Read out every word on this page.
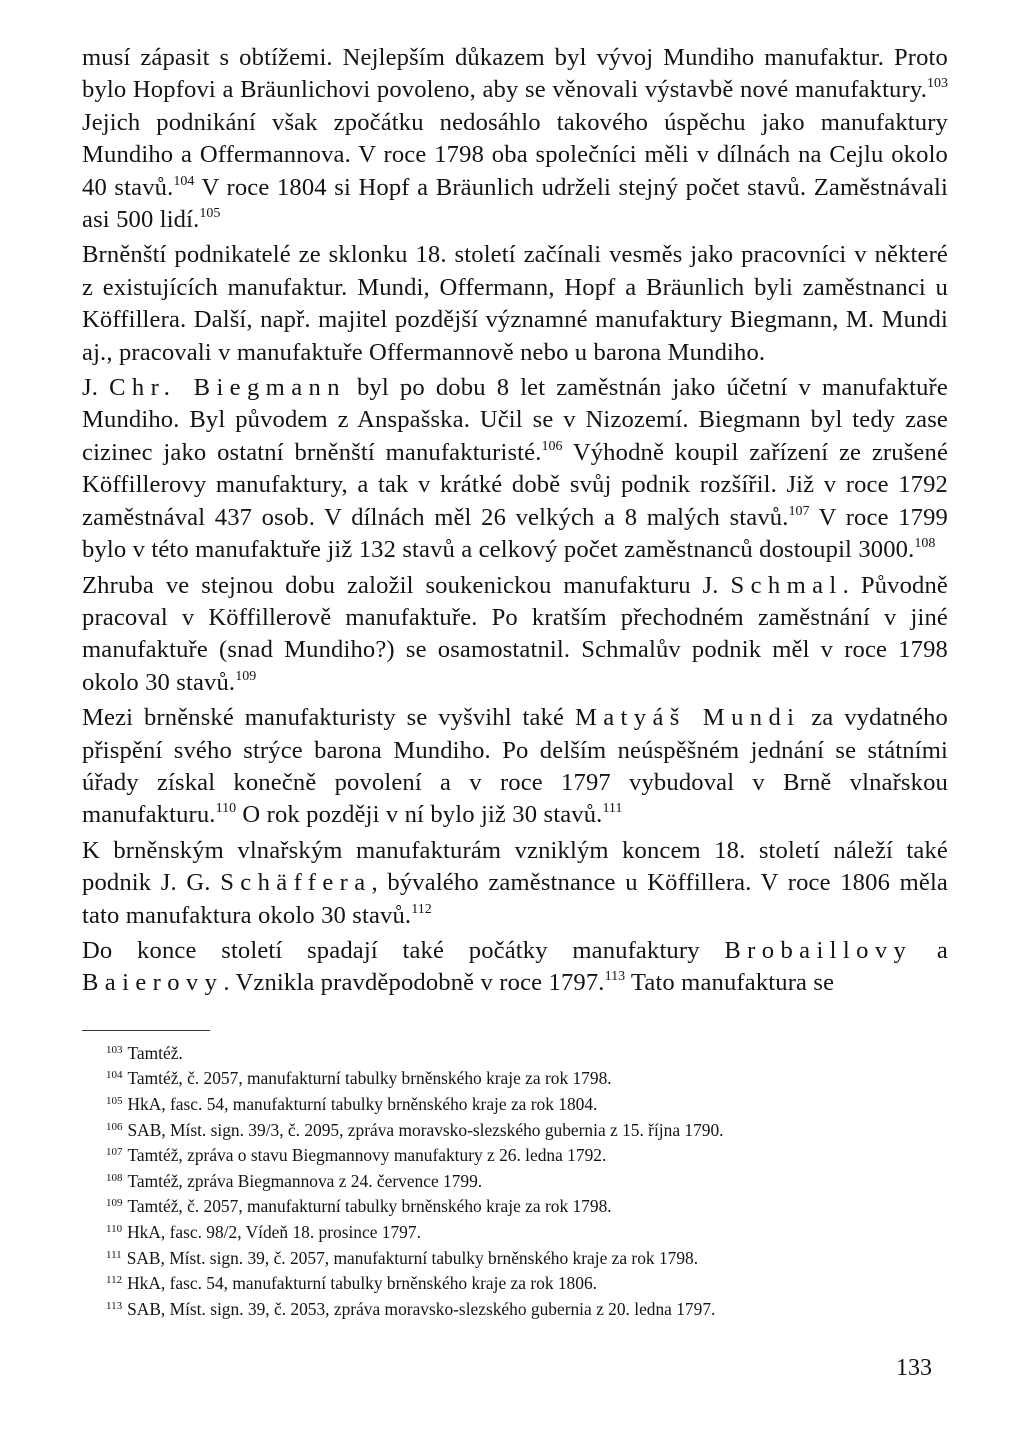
musí zápasit s obtížemi. Nejlepším důkazem byl vývoj Mundiho manufaktur. Proto bylo Hopfovi a Bräunlichovi povoleno, aby se věnovali výstavbě nové manufaktury.$^{103}$ Jejich podnikání však zpočátku nedosáhlo takového úspěchu jako manufaktury Mundiho a Offermannova. V roce 1798 oba společníci měli v dílnách na Cejlu okolo 40 stavů.$^{104}$ V roce 1804 si Hopf a Bräunlich udrželi stejný počet stavů. Zaměstnávali asi 500 lidí.$^{105}$

Brněnští podnikatelé ze sklonku 18. století začínali vesměs jako pracovníci v některé z existujících manufaktur. Mundi, Offermann, Hopf a Bräunlich byli zaměstnanci u Köffillera. Další, např. majitel pozdější významné manufaktury Biegmann, M. Mundi aj., pracovali v manufaktuře Offermannově nebo u barona Mundiho.

J. Chr. Biegmann byl po dobu 8 let zaměstnán jako účetní v manufaktuře Mundiho. Byl původem z Anspašska. Učil se v Nizozemí. Biegmann byl tedy zase cizinec jako ostatní brněnští manufakturisté.$^{106}$ Výhodně koupil zařízení ze zrušené Köffillerovy manufaktury, a tak v krátké době svůj podnik rozšířil. Již v roce 1792 zaměstnával 437 osob. V dílnách měl 26 velkých a 8 malých stavů.$^{107}$ V roce 1799 bylo v této manufaktuře již 132 stavů a celkový počet zaměstnanců dostoupil 3000.$^{108}$

Zhruba ve stejnou dobu založil soukenickou manufakturu J. Schmal. Původně pracoval v Köffillerově manufaktuře. Po kratším přechodném zaměstnání v jiné manufaktuře (snad Mundiho?) se osamostatnil. Schmalův podnik měl v roce 1798 okolo 30 stavů.$^{109}$

Mezi brněnské manufakturisty se vyšvihl také Matyáš Mundi za vydatného přispění svého strýce barona Mundiho. Po delším neúspěšném jednání se státními úřady získal konečně povolení a v roce 1797 vybudoval v Brně vlnařskou manufakturu.$^{110}$ O rok později v ní bylo již 30 stavů.$^{111}$

K brněnským vlnařským manufakturám vzniklým koncem 18. století náleží také podnik J. G. Schäffera, bývalého zaměstnance u Köffillera. V roce 1806 měla tato manufaktura okolo 30 stavů.$^{112}$

Do konce století spadají také počátky manufaktury Brobaillovy a Baierovy. Vznikla pravděpodobně v roce 1797.$^{113}$ Tato manufaktura se

$^{103}$ Tamtéž.
$^{104}$ Tamtéž, č. 2057, manufakturní tabulky brněnského kraje za rok 1798.
$^{105}$ HkA, fasc. 54, manufakturní tabulky brněnského kraje za rok 1804.
$^{106}$ SAB, Míst. sign. 39/3, č. 2095, zpráva moravsko-slezského gubernia z 15. října 1790.
$^{107}$ Tamtéž, zpráva o stavu Biegmannovy manufaktury z 26. ledna 1792.
$^{108}$ Tamtéž, zpráva Biegmannova z 24. července 1799.
$^{109}$ Tamtéž, č. 2057, manufakturní tabulky brněnského kraje za rok 1798.
$^{110}$ HkA, fasc. 98/2, Vídeň 18. prosince 1797.
$^{111}$ SAB, Míst. sign. 39, č. 2057, manufakturní tabulky brněnského kraje za rok 1798.
$^{112}$ HkA, fasc. 54, manufakturní tabulky brněnského kraje za rok 1806.
$^{113}$ SAB, Míst. sign. 39, č. 2053, zpráva moravsko-slezského gubernia z 20. ledna 1797.
133
